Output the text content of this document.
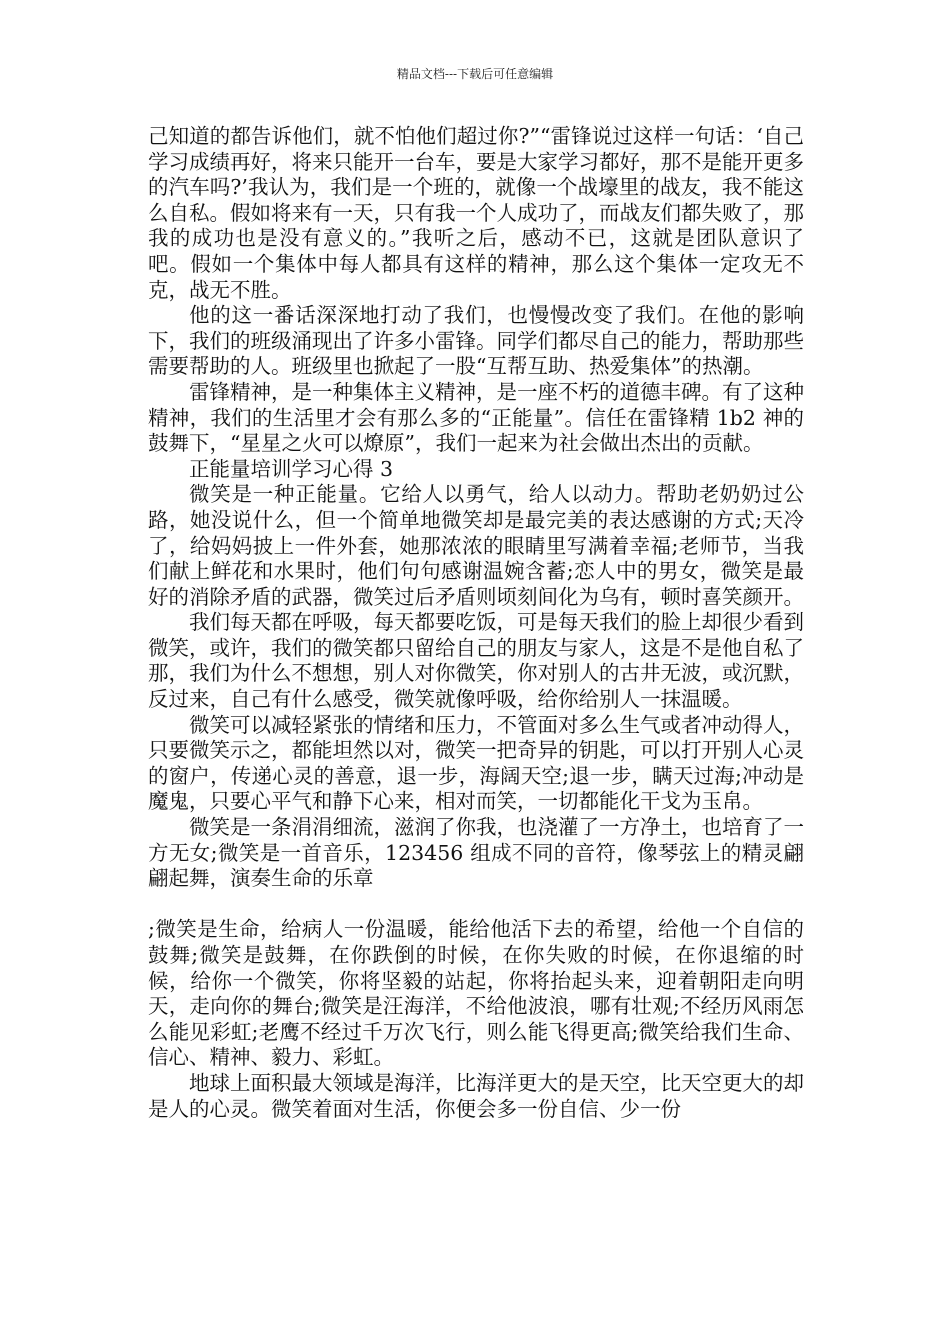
精品文档---下载后可任意编辑

己知道的都告诉他们，就不怕他们超过你?”“雷锋说过这样一句话：‘自己学习成绩再好，将来只能开一台车，要是大家学习都好，那不是能开更多的汽车吗?’我认为，我们是一个班的，就像一个战壕里的战友，我不能这么自私。假如将来有一天，只有我一个人成功了，而战友们都失败了，那我的成功也是没有意义的。”我听之后，感动不已，这就是团队意识了吧。假如一个集体中每人都具有这样的精神，那么这个集体一定攻无不克，战无不胜。

他的这一番话深深地打动了我们，也慢慢改变了我们。在他的影响下，我们的班级涌现出了许多小雷锋。同学们都尽自己的能力，帮助那些需要帮助的人。班级里也掀起了一股“互帮互助、热爱集体”的热潮。

雷锋精神，是一种集体主义精神，是一座不朽的道德丰碑。有了这种精神，我们的生活里才会有那么多的“正能量”。信任在雷锋精 1b2 神的鼓舞下，“星星之火可以燎原”，我们一起来为社会做出杰出的贡献。

正能量培训学习心得 3

微笑是一种正能量。它给人以勇气，给人以动力。帮助老奶奶过公路，她没说什么，但一个简单地微笑却是最完美的表达感谢的方式;天冷了，给妈妈披上一件外套，她那浓浓的眼睛里写满着幸福;老师节，当我们献上鲜花和水果时，他们句句感谢温婉含蓄;恋人中的男女，微笑是最好的消除矛盾的武器，微笑过后矛盾则顷刻间化为乌有，顿时喜笑颜开。

我们每天都在呼吸，每天都要吃饭，可是每天我们的脸上却很少看到微笑，或许，我们的微笑都只留给自己的朋友与家人，这是不是他自私了那，我们为什么不想想，别人对你微笑，你对别人的古井无波，或沉默，反过来，自己有什么感受，微笑就像呼吸，给你给别人一抹温暖。

微笑可以减轻紧张的情绪和压力，不管面对多么生气或者冲动得人，只要微笑示之，都能坦然以对，微笑一把奇异的钥匙，可以打开别人心灵的窗户，传递心灵的善意，退一步，海阔天空;退一步，瞒天过海;冲动是魔鬼，只要心平气和静下心来，相对而笑，一切都能化干戈为玉帛。

微笑是一条涓涓细流，滋润了你我，也浇灌了一方净土，也培育了一方无女;微笑是一首音乐，123456 组成不同的音符，像琴弦上的精灵翩翩起舞，演奏生命的乐章

;微笑是生命，给病人一份温暖，能给他活下去的希望，给他一个自信的鼓舞;微笑是鼓舞，在你跌倒的时候，在你失败的时候，在你退缩的时候，给你一个微笑，你将坚毅的站起，你将抬起头来，迎着朝阳走向明天，走向你的舞台;微笑是汪海洋，不给他波浪，哪有壮观;不经历风雨怎么能见彩虹;老鹰不经过千万次飞行，则么能飞得更高;微笑给我们生命、信心、精神、毅力、彩虹。

地球上面积最大领域是海洋，比海洋更大的是天空，比天空更大的却是人的心灵。微笑着面对生活，你便会多一份自信、少一份
